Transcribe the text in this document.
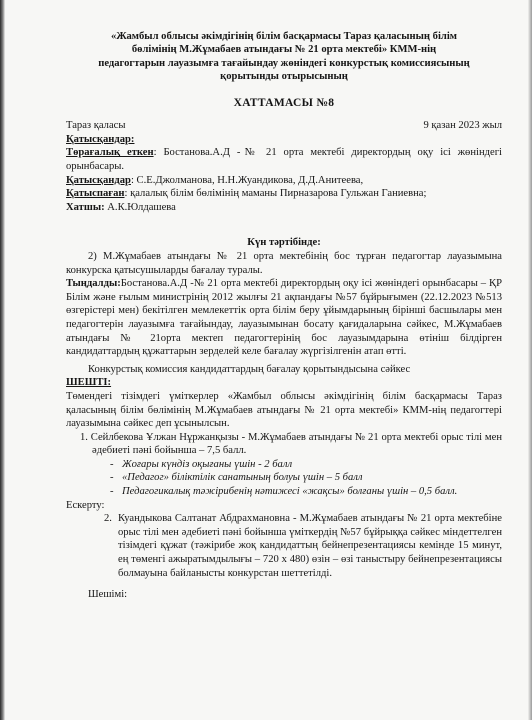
«Жамбыл облысы әкімдігінің білім басқармасы Тараз қаласының білім
бөлімінің М.Жұмабаев атындағы № 21 орта мектебі» КММ-нің
педагогтарын лауазымға тағайындау жөніндегі конкурстық комиссиясының
қорытынды отырысының
ХАТТАМАСЫ №8
Тараз қаласы	9 қазан 2023 жыл

Қатысқандар:

Төрағалық еткен: Бостанова.А.Д -№ 21 орта мектебі директордың оқу ісі жөніндегі орынбасары.

Қатысқандар: С.Е.Джолманова, Н.Н.Жуандикова, Д.Д.Анитеева,

Қатыспаған: қалалық білім бөлімінің маманы Пирназарова Гульжан Ганиевна;

Хатшы: А.К.Юлдашева

Күн тәртібінде:

2) М.Жұмабаев атындағы № 21 орта мектебінің бос тұрған педагогтар лауазымына конкурска қатысушыларды бағалау туралы.

Тыңдалды:Бостанова.А.Д -№ 21 орта мектебі директордың оқу ісі жөніндегі орынбасары – ҚР Білім және ғылым министрінің 2012 жылғы 21 ақпандағы №57 бұйрығымен (22.12.2023 №513 өзгерістері мен) бекітілген мемлекеттік орта білім беру ұйымдарының бірінші басшылары мен педагогтерін лауазымға тағайындау, лауазымынан босату қағидаларына сәйкес, М.Жұмабаев атындағы № 21орта мектеп педагогтерінің бос лауазымдарына өтініш білдірген кандидаттардың құжаттарын зерделей келе бағалау жүргізілгенін атап өтті.

Конкурстық комиссия кандидаттардың бағалау қорытындысына сәйкес

ШЕШТІ:

Төмендегі тізімдегі үміткерлер «Жамбыл облысы әкімдігінің білім басқармасы Тараз қаласының білім бөлімінің М.Жұмабаев атындағы № 21 орта мектебі» КММ-нің педагогтері лауазымына сәйкес деп ұсынылсын.

1. Сейлбекова Ұлжан Нұржанқызы - М.Жұмабаев атындағы № 21 орта мектебі орыс тілі мен әдебиеті пәні бойынша – 7,5 балл.

- Жоғары күндіз оқығаны үшін - 2 балл
- «Педагог» біліктілік санатының болуы үшін – 5 балл
- Педагогикалық тәжірибенің нәтижесі «жақсы» болғаны үшін – 0,5 балл.

Ескерту:

2. Куандыкова Салтанат Абдрахмановна - М.Жұмабаев атындағы № 21 орта мектебіне орыс тілі мен әдебиеті пәні бойынша үміткердің №57 бұйрыққа сәйкес міндеттелген тізімдегі құжат (тәжірибе жоқ кандидаттың бейнепрезентациясы кемінде 15 минут, ең төменгі ажыратымдылығы – 720 х 480) өзін – өзі таныстыру бейнепрезентациясы болмауына байланысты конкурстан шеттетілді.

Шешімі:
